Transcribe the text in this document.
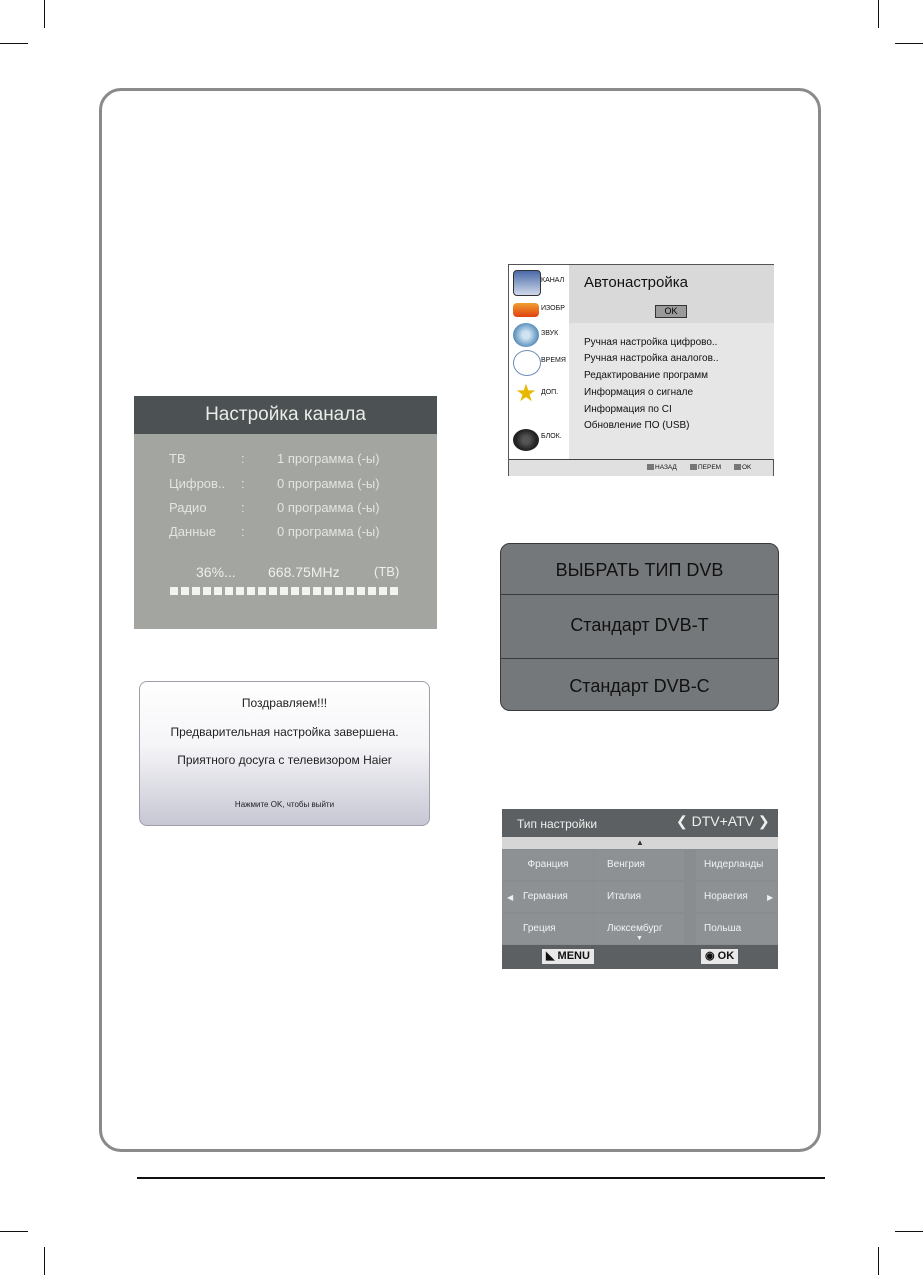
Настройка канала
ТВ	: 1 программа (-ы)
Цифров.. : 0 программа (-ы)
Радио	: 0 программа (-ы)
Данные : 0 программа (-ы)
36%... 668.75MHz	(ТВ)
Поздравляем!!!
Предварительная настройка завершена.
Приятного досуга с телевизором Haier
Нажмите OK, чтобы выйти
КАНАЛ
ИЗОБР
ЗВУК
ВРЕМЯ
★ ДОП.
БЛОК.
Автонастройка
OK
Ручная настройка цифрово..
Ручная настройка аналогов..
Редактирование программ
Информация о сигнале
Информация по CI
Обновление ПО (USB)
НАЗАД	ПЕРЕМ	OK
ВЫБРАТЬ ТИП DVB
Стандарт DVB-T
Стандарт DVB-C
Тип настройки	❮ DTV+ATV ❯
▲
Франция	Венгрия	Нидерланды
Германия	Италия	Норвегия
Греция	Люксембург	Польша
◀	▶
▼
◣ MENU	◉ OK
